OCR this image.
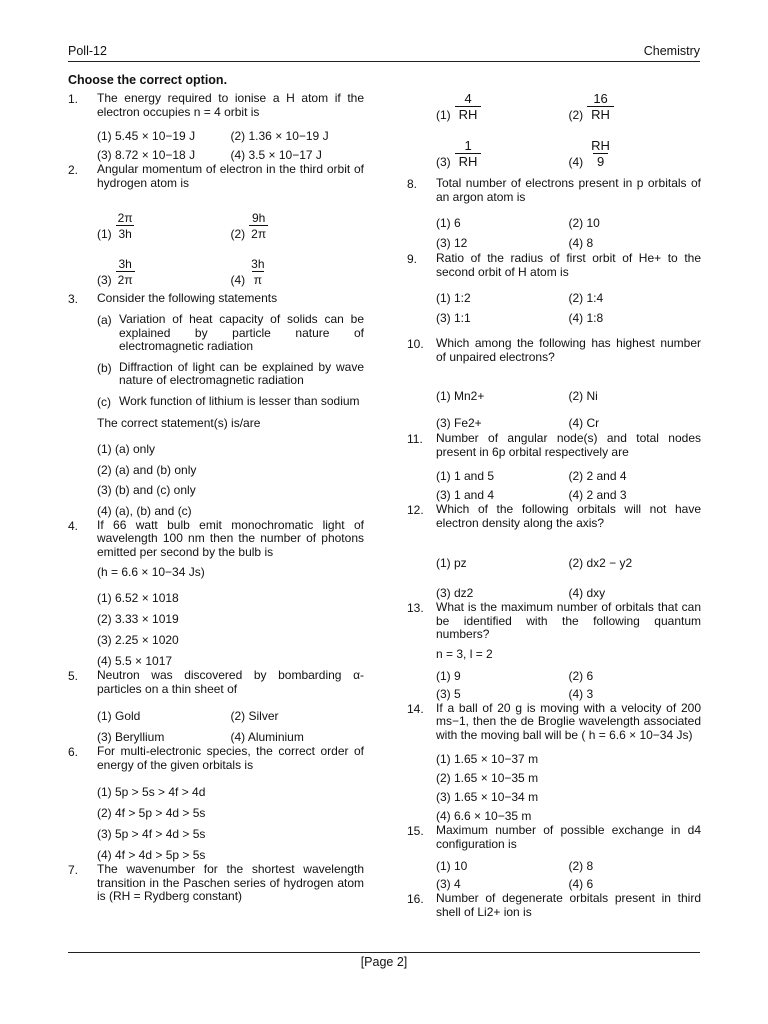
Poll-12	Chemistry
Choose the correct option.
1.	The energy required to ionise a H atom if the electron occupies n = 4 orbit is
(1) 5.45 × 10−19 J	(2) 1.36 × 10−19 J
(3) 8.72 × 10−18 J	(4) 3.5 × 10−17 J
2.	Angular momentum of electron in the third orbit of hydrogen atom is
$(1) \frac{2\pi}{3h}$	$(2) \frac{9h}{2\pi}$
$(3) \frac{3h}{2\pi}$	$(4) \frac{3h}{\pi}$
3.	Consider the following statements
(a) Variation of heat capacity of solids can be explained by particle nature of electromagnetic radiation
(b) Diffraction of light can be explained by wave nature of electromagnetic radiation
(c) Work function of lithium is lesser than sodium
The correct statement(s) is/are
(1) (a) only
(2) (a) and (b) only
(3) (b) and (c) only
(4) (a), (b) and (c)
4.	If 66 watt bulb emit monochromatic light of wavelength 100 nm then the number of photons emitted per second by the bulb is
(h = 6.6 × 10−34 Js)
(1) 6.52 × 1018
(2) 3.33 × 1019
(3) 2.25 × 1020
(4) 5.5 × 1017
5.	Neutron was discovered by bombarding α-particles on a thin sheet of
(1) Gold	(2) Silver
(3) Beryllium	(4) Aluminium
6.	For multi-electronic species, the correct order of energy of the given orbitals is
(1) 5p > 5s > 4f > 4d
(2) 4f > 5p > 4d > 5s
(3) 5p > 4f > 4d > 5s
(4) 4f > 4d > 5p > 5s
7.	The wavenumber for the shortest wavelength transition in the Paschen series of hydrogen atom is (RH = Rydberg constant)
$(1) \frac{4}{RH}$	$(2) \frac{16}{RH}$
$(3) \frac{1}{RH}$	$(4) \frac{RH}{9}$
8.	Total number of electrons present in p orbitals of an argon atom is
(1) 6	(2) 10
(3) 12	(4) 8
9.	Ratio of the radius of first orbit of He+ to the second orbit of H atom is
(1) 1:2	(2) 1:4
(3) 1:1	(4) 1:8
10.	Which among the following has highest number of unpaired electrons?
(1) Mn2+	(2) Ni
(3) Fe2+	(4) Cr
11.	Number of angular node(s) and total nodes present in 6p orbital respectively are
(1) 1 and 5	(2) 2 and 4
(3) 1 and 4	(4) 2 and 3
12.	Which of the following orbitals will not have electron density along the axis?
(1) pz	(2) dx2 − y2
(3) dz2	(4) dxy
13.	What is the maximum number of orbitals that can be identified with the following quantum numbers?
n = 3, l = 2
(1) 9	(2) 6
(3) 5	(4) 3
14.	If a ball of 20 g is moving with a velocity of 200 ms−1, then the de Broglie wavelength associated with the moving ball will be ( h = 6.6 × 10−34 Js)
(1) 1.65 × 10−37 m
(2) 1.65 × 10−35 m
(3) 1.65 × 10−34 m
(4) 6.6 × 10−35 m
15.	Maximum number of possible exchange in d4 configuration is
(1) 10	(2) 8
(3) 4	(4) 6
16.	Number of degenerate orbitals present in third shell of Li2+ ion is
[Page 2]
